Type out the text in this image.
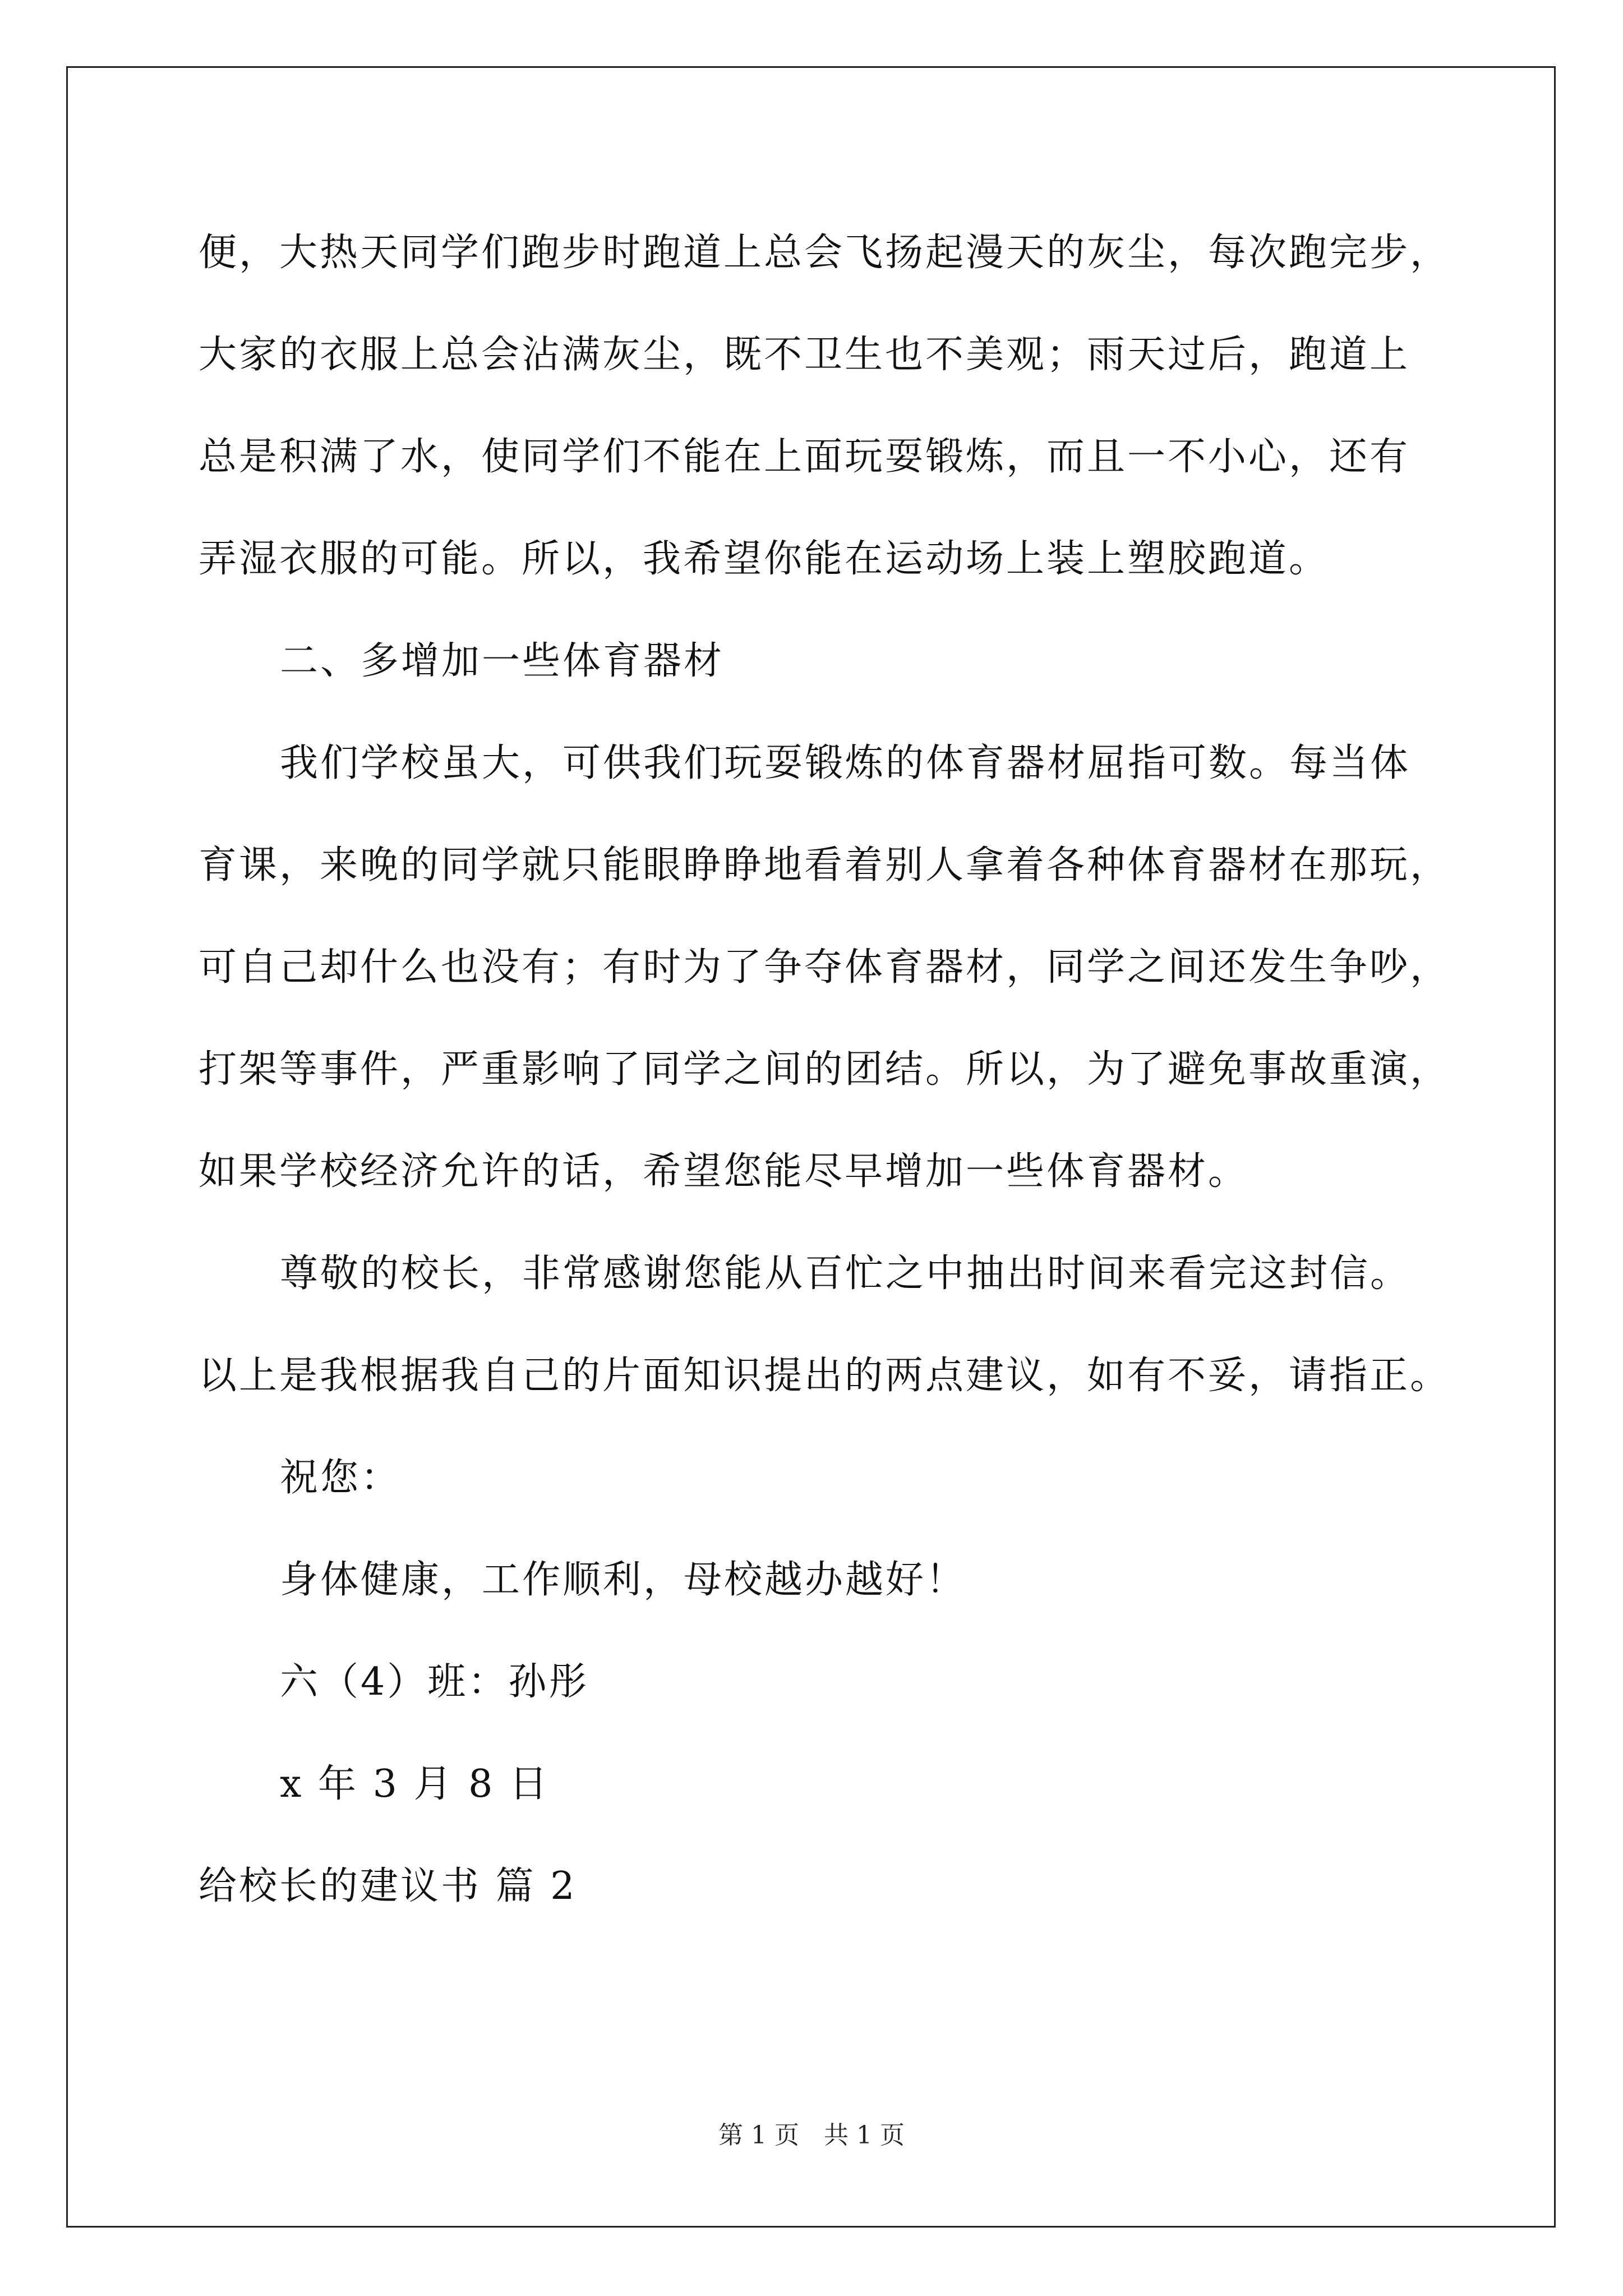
便，大热天同学们跑步时跑道上总会飞扬起漫天的灰尘，每次跑完步，
大家的衣服上总会沾满灰尘，既不卫生也不美观；雨天过后，跑道上
总是积满了水，使同学们不能在上面玩耍锻炼，而且一不小心，还有
弄湿衣服的可能。所以，我希望你能在运动场上装上塑胶跑道。
二、多增加一些体育器材
我们学校虽大，可供我们玩耍锻炼的体育器材屈指可数。每当体
育课，来晚的同学就只能眼睁睁地看着别人拿着各种体育器材在那玩，
可自己却什么也没有；有时为了争夺体育器材，同学之间还发生争吵，
打架等事件，严重影响了同学之间的团结。所以，为了避免事故重演，
如果学校经济允许的话，希望您能尽早增加一些体育器材。
尊敬的校长，非常感谢您能从百忙之中抽出时间来看完这封信。
以上是我根据我自己的片面知识提出的两点建议，如有不妥，请指正。
祝您：
身体健康，工作顺利，母校越办越好！
六（4）班：孙彤
x 年 3 月 8 日
给校长的建议书 篇 2
第 1 页　共 1 页
